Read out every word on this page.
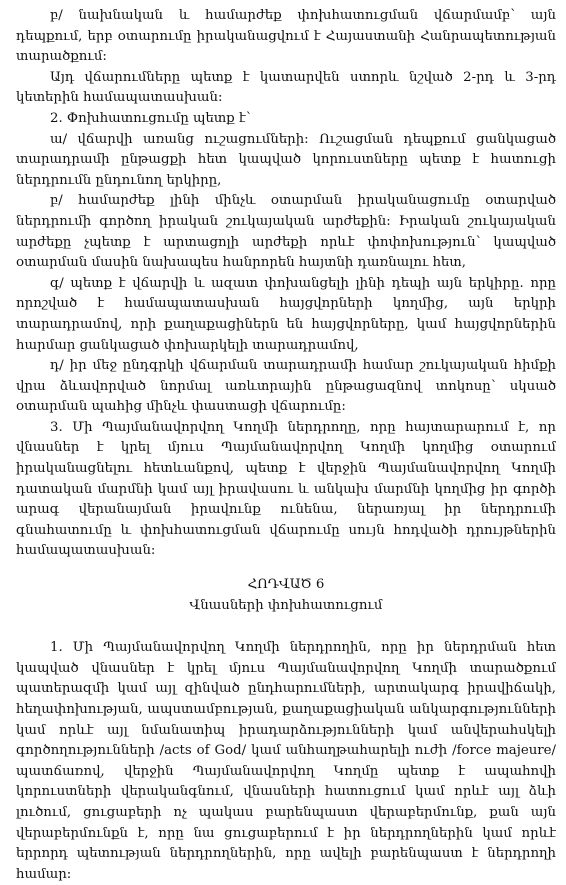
բ/ նախնական և համարժեք փոխհատուցման վճարմամբ՝ այն դեպքում, երբ օտարումը իրականացվում է Հայաստանի Հանրապետության տարածքում:

Այդ վճարումները պետք է կատարվեն ստորև նշված 2-րդ և 3-րդ կետերին համապատասխան:

2. Փոխհատուցումը պետք է՝

ա/ վճարվի առանց ուշացումների: Ուշացման դեպքում ցանկացած տարադրամի ընթացքի հետ կապված կորուստները պետք է հատուցի ներդրումն ընդունող երկիրը,

բ/ համարժեք լինի մինչև օտարման իրականացումը օտարված ներդրումի գործող իրական շուկայական արժեքին: Իրական շուկայական արժեքը չպետք է արտացոլի արժեքի որևէ փոփոխություն՝ կապված օտարման մասին նախապես հանրորեն հայտնի դառնալու հետ,

գ/ պետք է վճարվի և ազատ փոխանցելի լինի դեպի այն երկիրը. որը որոշված է համապատասխան հայցվորների կողմից, այն երկրի տարադրամով, որի քաղաքացիներն են հայցվորները, կամ հայցվորներին հարմար ցանկացած փոխարկելի տարադրամով,

դ/ իր մեջ ընդգրկի վճարման տարադրամի համար շուկայական հիմքի վրա ձևավորված նորմալ առևտրային ընթացազնով տոկոսը՝ սկսած օտարման պահից մինչև փաստացի վճարումը:

3. Մի Պայմանավորվող Կողմի ներդրողը, որը հայտարարում է, որ վնասներ է կրել մյուս Պայմանավորվող Կողմի կողմից օտարում իրականացնելու հետևանքով, պետք է վերջին Պայմանավորվող Կողմի դատական մարմնի կամ այլ իրավասու և անկախ մարմնի կողմից իր գործի արագ վերանայման իրավունք ունենա, ներառյալ իր ներդրումի գնահատումը և փոխհատուցման վճարումը սույն հոդվածի դրույթներին համապատասխան:

ՀՈԴՎԱԾ 6

Վնասների փոխհատուցում

1. Մի Պայմանավորվող Կողմի ներդրողին, որը իր ներդրման հետ կապված վնասներ է կրել մյուս Պայմանավորվող Կողմի տարածքում պատերազմի կամ այլ զինված ընդհարումների, արտակարգ իրավիճակի, հեղափոխության, ապստամբության, քաղաքացիական անկարգությունների կամ որևէ այլ նմանատիպ իրադարձությունների կամ անվերահսկելի գործողությունների /acts of God/ կամ անհաղթահարելի ուժի /force majeure/ պատճառով, վերջին Պայմանավորվող Կողմը պետք է ապահովի կորուստների վերականգնում, վնասների հատուցում կամ որևէ այլ ձևի լուծում, ցուցաբերի ոչ պակաս բարենպաստ վերաբերմունք, քան այն վերաբերմունքն է, որը նա ցուցաբերում է իր ներդրողներին կամ որևէ երրորդ պետության ներդրողներին, որը ավելի բարենպաստ է ներդրողի համար:
